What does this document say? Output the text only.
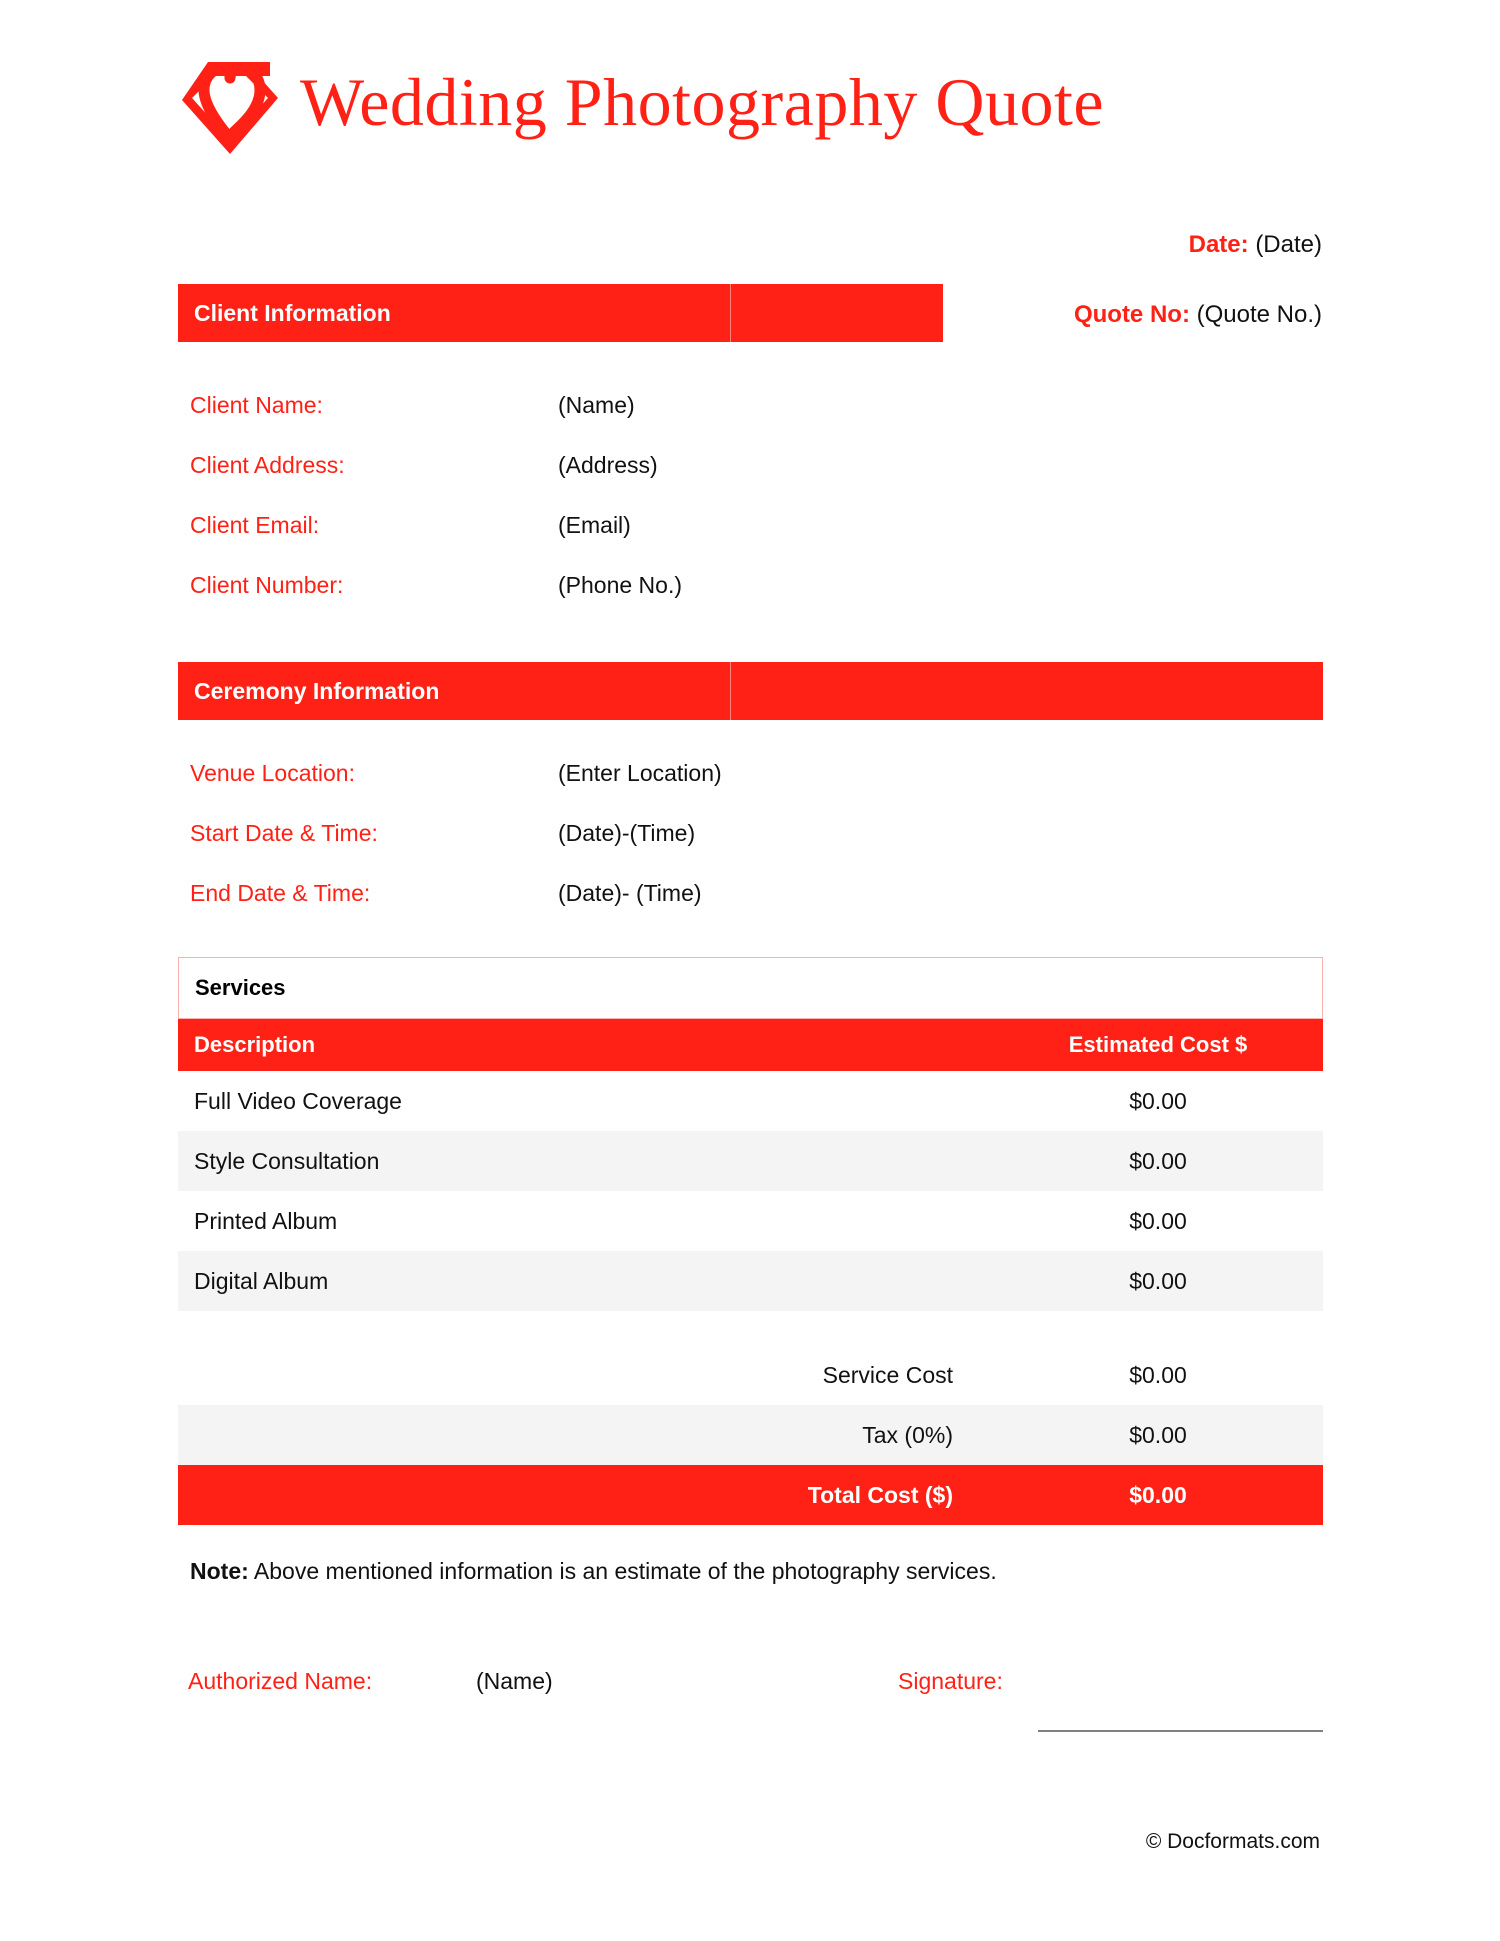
Wedding Photography Quote
Date: (Date)
Quote No: (Quote No.)
Client Information
Client Name:	(Name)
Client Address:	(Address)
Client Email:	(Email)
Client Number:	(Phone No.)
Ceremony Information
Venue Location:	(Enter Location)
Start Date & Time:	(Date)-(Time)
End Date & Time:	(Date)- (Time)
Services
Description	Estimated Cost $
Full Video Coverage	$0.00
Style Consultation	$0.00
Printed Album	$0.00
Digital Album	$0.00
Service Cost	$0.00
Tax (0%)	$0.00
Total Cost ($)	$0.00
Note: Above mentioned information is an estimate of the photography services.
Authorized Name:	(Name)	Signature:
© Docformats.com
